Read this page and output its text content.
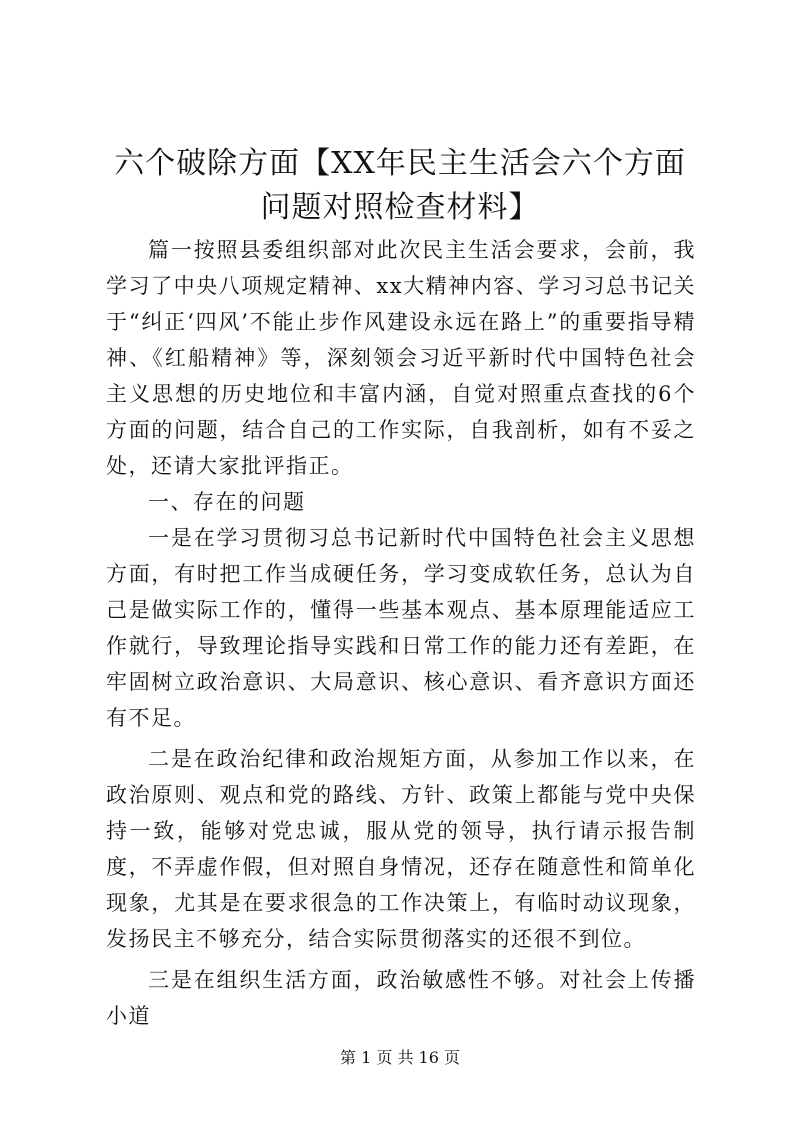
六个破除方面【XX年民主生活会六个方面问题对照检查材料】

篇一按照县委组织部对此次民主生活会要求，会前，我学习了中央八项规定精神、xx大精神内容、学习习总书记关于“纠正‘四风’不能止步作风建设永远在路上”的重要指导精神、《红船精神》等，深刻领会习近平新时代中国特色社会主义思想的历史地位和丰富内涵，自觉对照重点查找的6个方面的问题，结合自己的工作实际，自我剖析，如有不妥之处，还请大家批评指正。

一、存在的问题

一是在学习贯彻习总书记新时代中国特色社会主义思想方面，有时把工作当成硬任务，学习变成软任务，总认为自己是做实际工作的，懂得一些基本观点、基本原理能适应工作就行，导致理论指导实践和日常工作的能力还有差距，在牢固树立政治意识、大局意识、核心意识、看齐意识方面还有不足。

二是在政治纪律和政治规矩方面，从参加工作以来，在政治原则、观点和党的路线、方针、政策上都能与党中央保持一致，能够对党忠诚，服从党的领导，执行请示报告制度，不弄虚作假，但对照自身情况，还存在随意性和简单化现象，尤其是在要求很急的工作决策上，有临时动议现象，发扬民主不够充分，结合实际贯彻落实的还很不到位。

三是在组织生活方面，政治敏感性不够。对社会上传播小道

第 1 页 共 16 页
